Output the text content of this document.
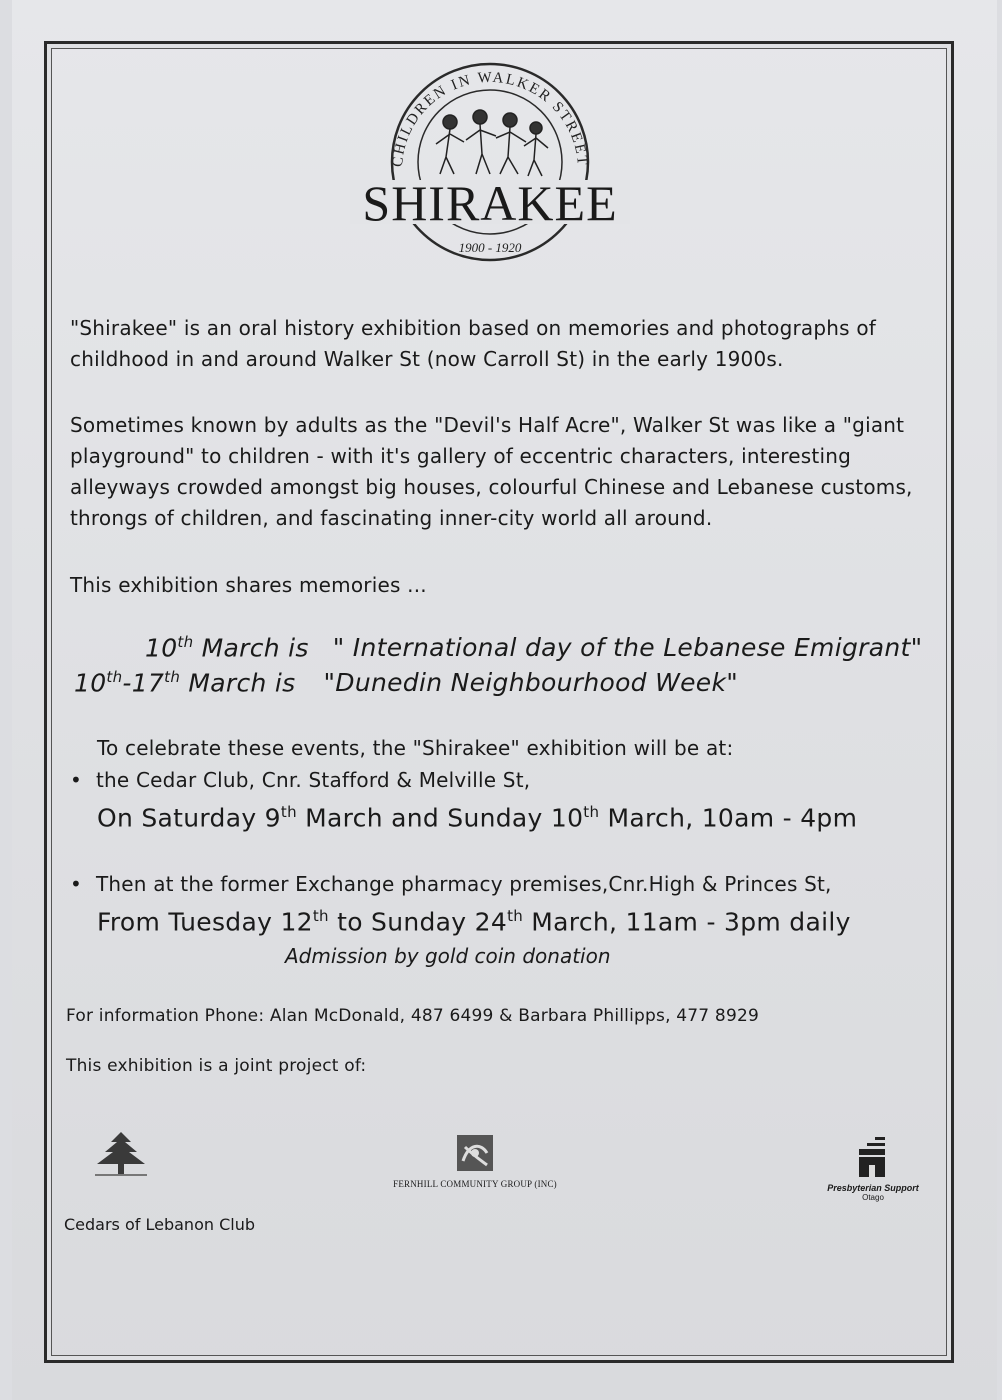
CHILDREN IN WALKER STREET
SHIRAKEE
1900 - 1920

"Shirakee" is an oral history exhibition based on memories and photographs of childhood in and around Walker St (now Carroll St) in the early 1900s.

Sometimes known by adults as the "Devil's Half Acre", Walker St was like a "giant playground" to children - with it's gallery of eccentric characters, interesting alleyways crowded amongst big houses, colourful Chinese and Lebanese customs, throngs of children, and fascinating inner-city world all around.

This exhibition shares memories ...

10th March is " International day of the Lebanese Emigrant"
10th-17th March is "Dunedin Neighbourhood Week"
To celebrate these events, the "Shirakee" exhibition will be at:
• the Cedar Club, Cnr. Stafford & Melville St,
On Saturday 9th March and Sunday 10th March, 10am - 4pm
• Then at the former Exchange pharmacy premises,Cnr.High & Princes St,
From Tuesday 12th to Sunday 24th March, 11am - 3pm daily
Admission by gold coin donation
For information Phone: Alan McDonald, 487 6499 & Barbara Phillipps, 477 8929
This exhibition is a joint project of:
FERNHILL COMMUNITY GROUP (INC)	Presbyterian Support
Otago
Cedars of Lebanon Club
